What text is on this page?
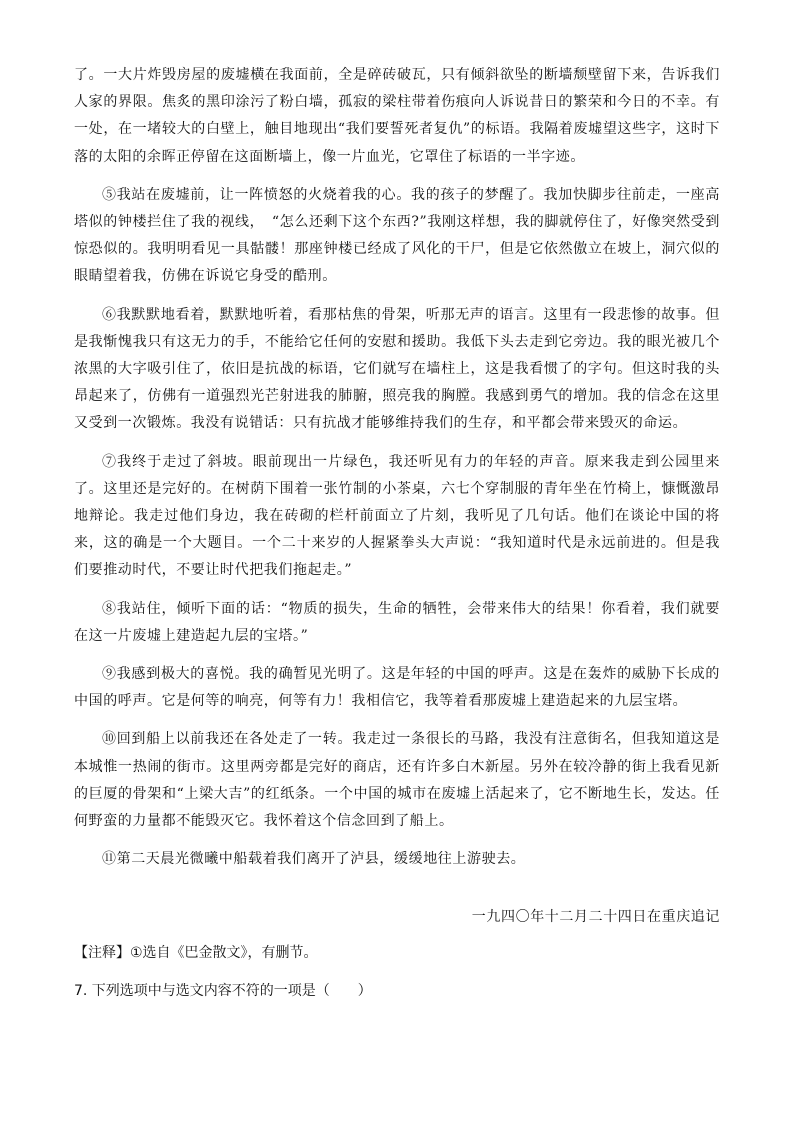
了。一大片炸毁房屋的废墟横在我面前，全是碎砖破瓦，只有倾斜欲坠的断墙颓壁留下来，告诉我们人家的界限。焦炙的黑印涂污了粉白墙，孤寂的梁柱带着伤痕向人诉说昔日的繁荣和今日的不幸。有一处，在一堵较大的白壁上，触目地现出“我们要誓死者复仇”的标语。我隔着废墟望这些字，这时下落的太阳的余晖正停留在这面断墙上，像一片血光，它罩住了标语的一半字迹。

⑤我站在废墟前，让一阵愤怒的火烧着我的心。我的孩子的梦醒了。我加快脚步往前走，一座高塔似的钟楼拦住了我的视线，　“怎么还剩下这个东西?”我刚这样想，我的脚就停住了，好像突然受到惊恐似的。我明明看见一具骷髅！那座钟楼已经成了风化的干尸，但是它依然傲立在坡上，洞穴似的眼睛望着我，仿佛在诉说它身受的酷刑。

⑥我默默地看着，默默地听着，看那枯焦的骨架，听那无声的语言。这里有一段悲惨的故事。但是我惭愧我只有这无力的手，不能给它任何的安慰和援助。我低下头去走到它旁边。我的眼光被几个浓黑的大字吸引住了，依旧是抗战的标语，它们就写在墙柱上，这是我看惯了的字句。但这时我的头昂起来了，仿佛有一道强烈光芒射进我的肺腑，照亮我的胸膛。我感到勇气的增加。我的信念在这里又受到一次锻炼。我没有说错话：只有抗战才能够维持我们的生存，和平都会带来毁灭的命运。

⑦我终于走过了斜坡。眼前现出一片绿色，我还听见有力的年轻的声音。原来我走到公园里来了。这里还是完好的。在树荫下围着一张竹制的小茶桌，六七个穿制服的青年坐在竹椅上，慷慨激昂地辩论。我走过他们身边，我在砖砌的栏杆前面立了片刻，我听见了几句话。他们在谈论中国的将来，这的确是一个大题目。一个二十来岁的人握紧拳头大声说：“我知道时代是永远前进的。但是我们要推动时代，不要让时代把我们拖起走。”

⑧我站住，倾听下面的话：“物质的损失，生命的牺牲，会带来伟大的结果！你看着，我们就要在这一片废墟上建造起九层的宝塔。”

⑨我感到极大的喜悦。我的确暂见光明了。这是年轻的中国的呼声。这是在轰炸的威胁下长成的中国的呼声。它是何等的响亮，何等有力！我相信它，我等着看那废墟上建造起来的九层宝塔。

⑩回到船上以前我还在各处走了一转。我走过一条很长的马路，我没有注意街名，但我知道这是本城惟一热闹的街市。这里两旁都是完好的商店，还有许多白木新屋。另外在较冷静的街上我看见新的巨厦的骨架和“上梁大吉”的红纸条。一个中国的城市在废墟上活起来了，它不断地生长，发达。任何野蛮的力量都不能毁灭它。我怀着这个信念回到了船上。

⑪第二天晨光微曦中船载着我们离开了泸县，缓缓地往上游驶去。

一九四〇年十二月二十四日在重庆追记
【注释】①选自《巴金散文》，有删节。
7. 下列选项中与选文内容不符的一项是（　　）
